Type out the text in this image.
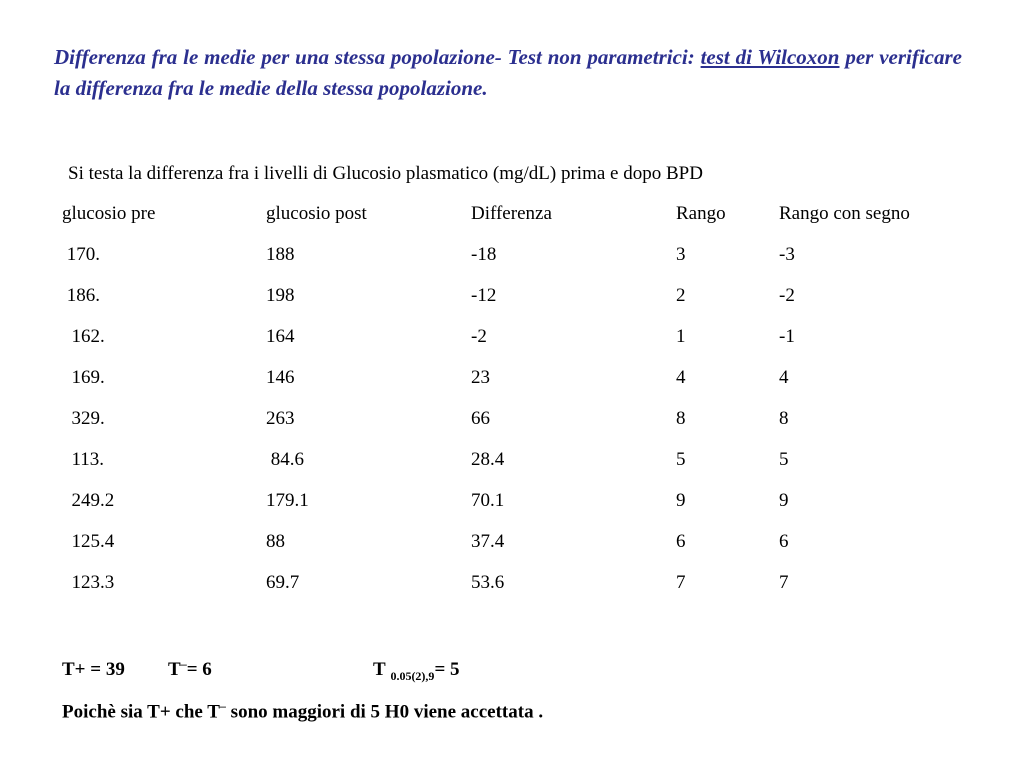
Differenza fra le medie per una stessa popolazione- Test non parametrici: test di Wilcoxon per verificare la differenza fra le medie della stessa popolazione.

Si testa la differenza fra i livelli di Glucosio plasmatico (mg/dL) prima e dopo BPD
glucosio pre	glucosio post	Differenza	Rango	Rango con segno
170.	188	-18	3	-3
186.	198	-12	2	-2
162.	164	-2	1	-1
169.	146	23	4	4
329.	263	66	8	8
113.	84.6	28.4	5	5
249.2	179.1	70.1	9	9
125.4	88	37.4	6	6
123.3	69.7	53.6	7	7
T+ = 39 T–= 6	T $_{0.05(2),9}$= 5
Poichè sia T+ che T– sono maggiori di 5 H0 viene accettata .
